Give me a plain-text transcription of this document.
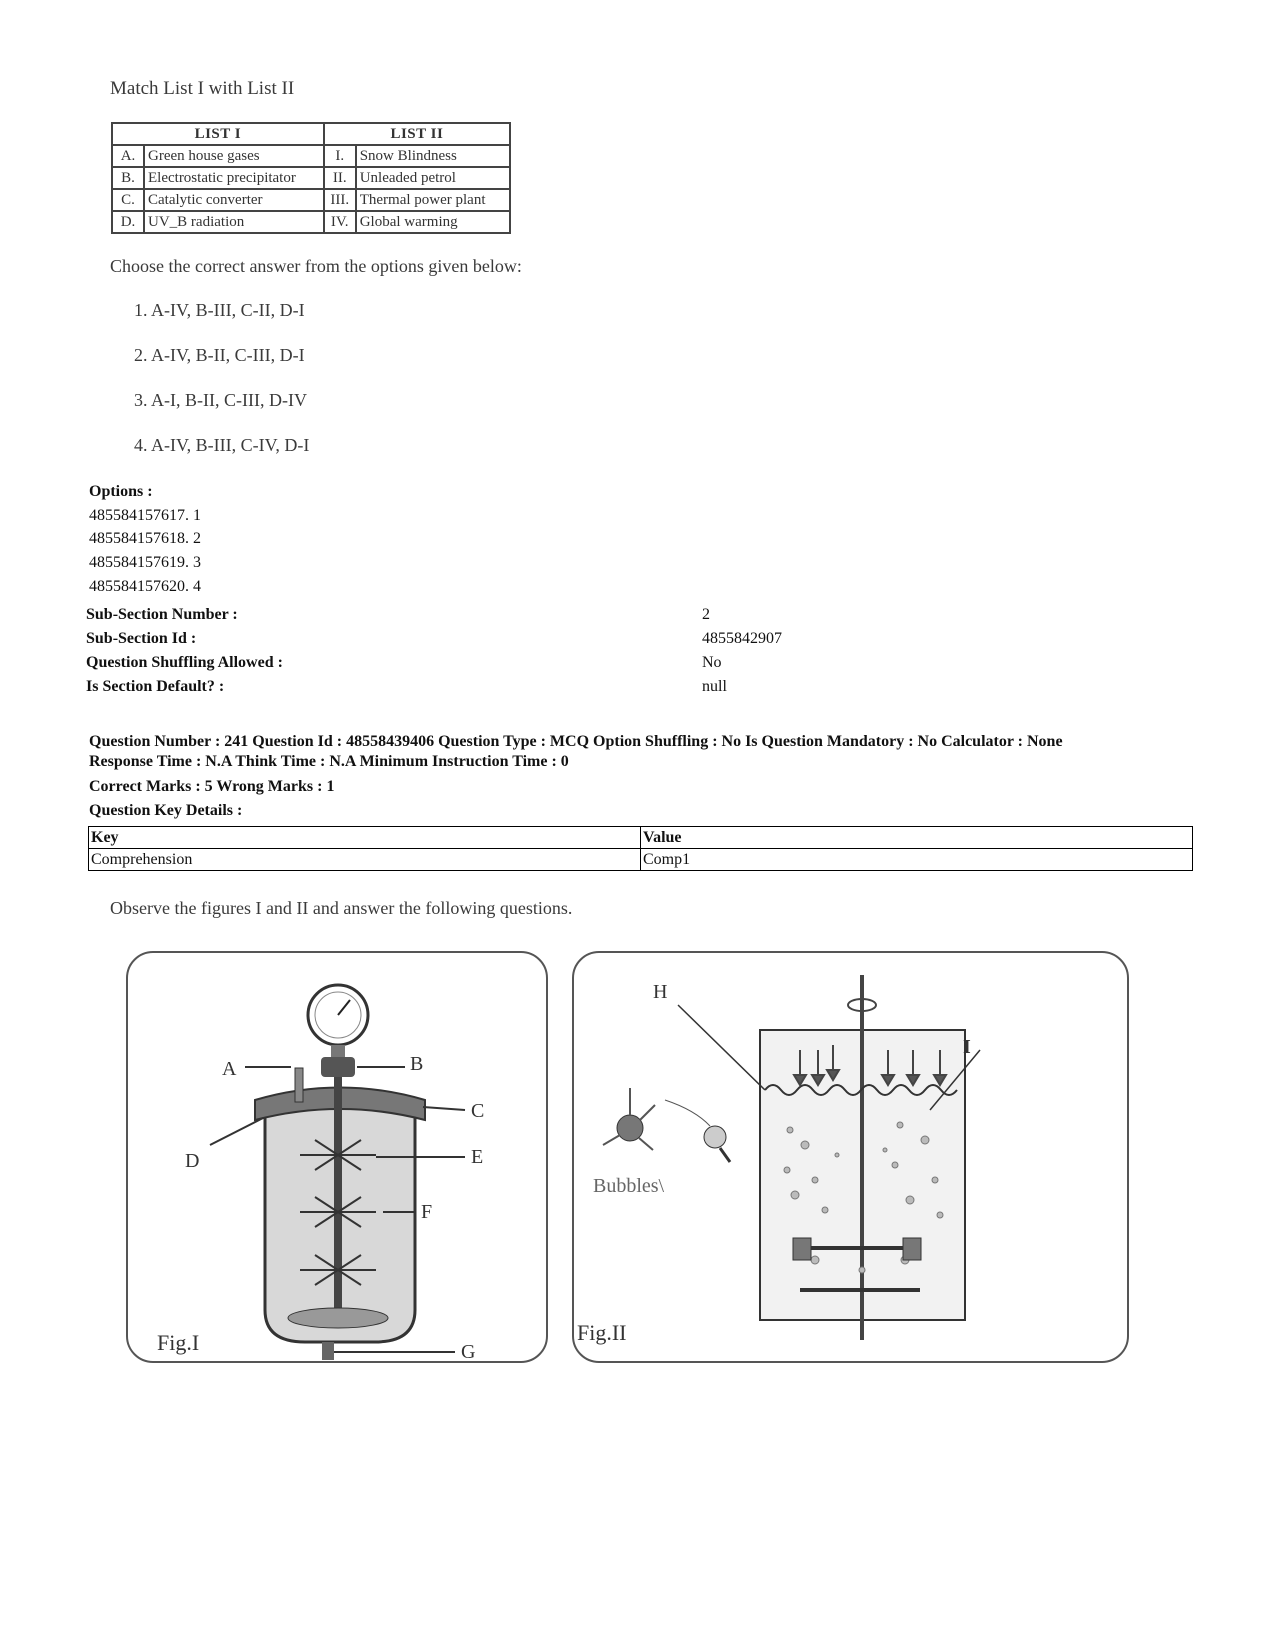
Match List I with List II
LIST I		LIST II	
A.	Green house gases	I.	Snow Blindness
B.	Electrostatic precipitator	II.	Unleaded petrol
C.	Catalytic converter	III.	Thermal power plant
D.	UV_B radiation	IV.	Global warming
Choose the correct answer from the options given below:
1. A-IV, B-III, C-II, D-I
2. A-IV, B-II, C-III, D-I
3. A-I, B-II, C-III, D-IV
4. A-IV, B-III, C-IV, D-I
Options :
485584157617. 1
485584157618. 2
485584157619. 3
485584157620. 4
Sub-Section Number :	2
Sub-Section Id :	4855842907
Question Shuffling Allowed :	No
Is Section Default? :	null
Question Number : 241 Question Id : 48558439406 Question Type : MCQ Option Shuffling : No Is Question Mandatory : No Calculator : None
Response Time : N.A Think Time : N.A Minimum Instruction Time : 0
Correct Marks : 5 Wrong Marks : 1
Question Key Details :
Key	Value
Comprehension	Comp1
Observe the figures I and II and answer the following questions.
A	B
C
D	E
F
G
Fig.I
H
I
Bubbles\
Fig.II
